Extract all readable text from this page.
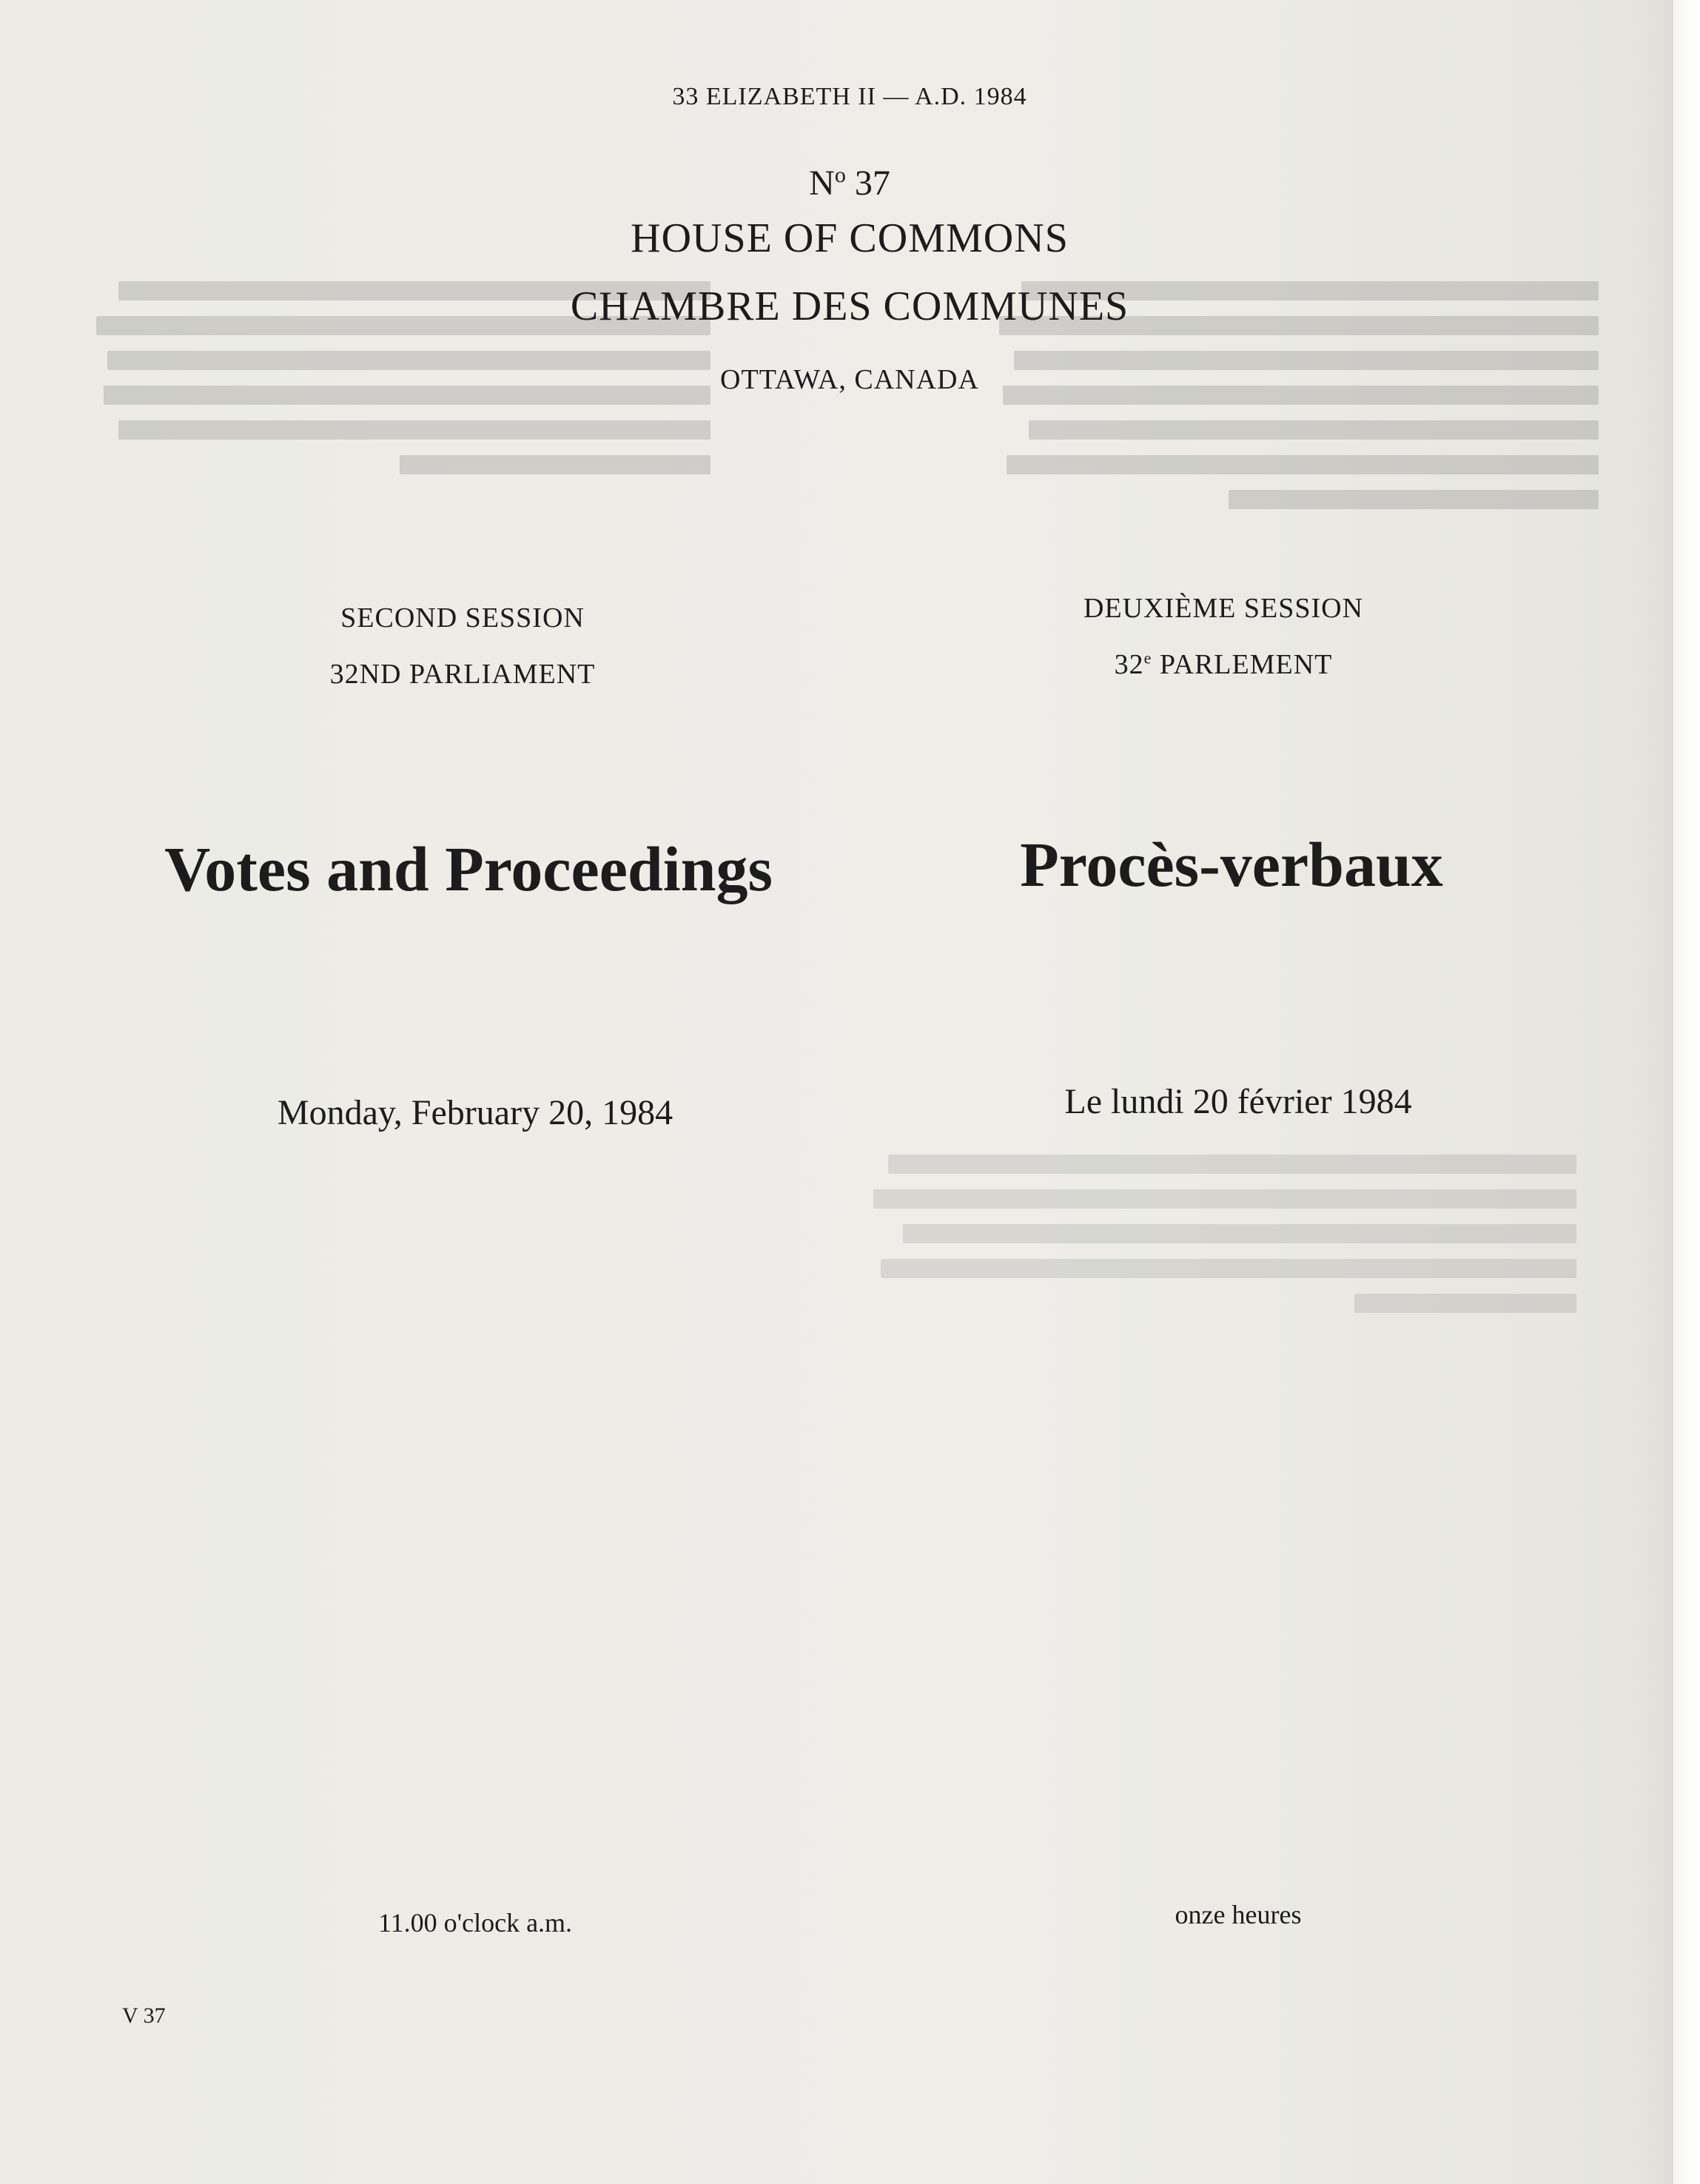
33 ELIZABETH II — A.D. 1984
$N^o$ 37
HOUSE OF COMMONS
CHAMBRE DES COMMUNES
OTTAWA, CANADA
SECOND SESSION
32ND PARLIAMENT
DEUXIÈME SESSION
32e PARLEMENT
Votes and Proceedings	Procès-verbaux
Monday, February 20, 1984	Le lundi 20 février 1984
11.00 o'clock a.m.	onze heures
V 37
